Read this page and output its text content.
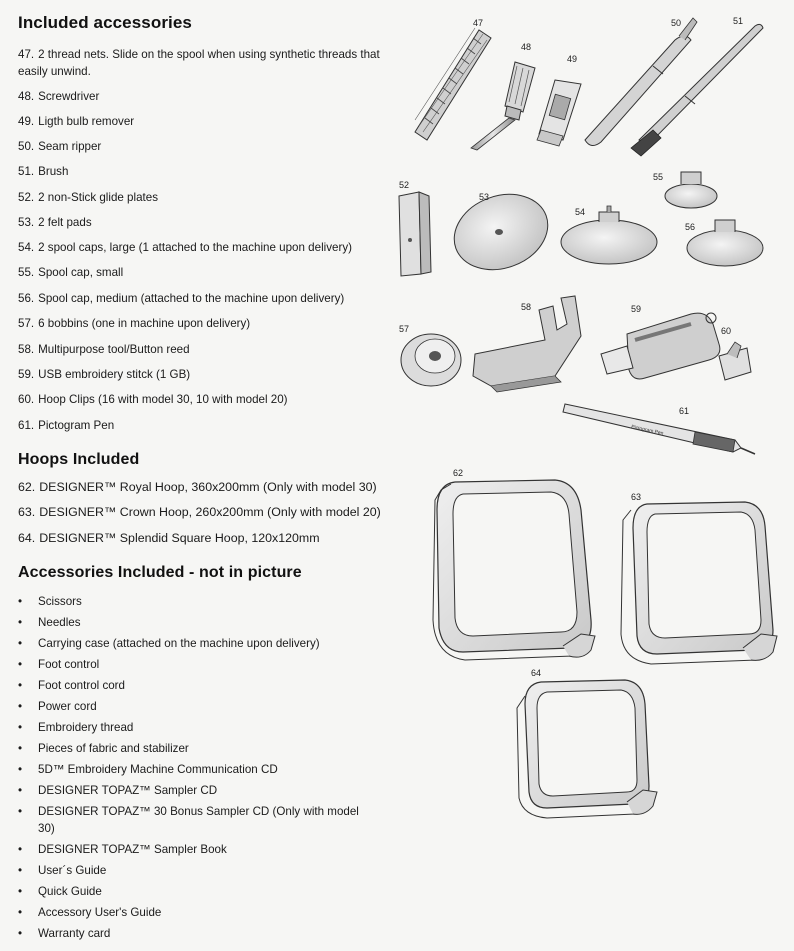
Included accessories
47. 2 thread nets. Slide on the spool when using synthetic threads that easily unwind.
48. Screwdriver
49. Ligth bulb remover
50. Seam ripper
51. Brush
52. 2 non-Stick glide plates
53. 2 felt pads
54. 2 spool caps, large (1 attached to the machine upon delivery)
55. Spool cap, small
56. Spool cap, medium (attached to the machine upon delivery)
57. 6 bobbins (one in machine upon delivery)
58. Multipurpose tool/Button reed
59. USB embroidery stitck (1 GB)
60. Hoop Clips (16 with model 30, 10 with model 20)
61. Pictogram Pen
Hoops Included
62. DESIGNER™ Royal Hoop, 360x200mm (Only with model 30)
63. DESIGNER™ Crown Hoop, 260x200mm (Only with model 20)
64. DESIGNER™ Splendid Square Hoop, 120x120mm
Accessories Included - not in picture
• Scissors
• Needles
• Carrying case (attached on the machine upon delivery)
• Foot control
• Foot control cord
• Power cord
• Embroidery thread
• Pieces of fabric and stabilizer
• 5D™ Embroidery Machine Communication CD
• DESIGNER TOPAZ™ Sampler CD
• DESIGNER TOPAZ™ 30 Bonus Sampler CD (Only with model 30)
• DESIGNER TOPAZ™ Sampler Book
• User´s Guide
• Quick Guide
• Accessory User's Guide
• Warranty card
47
48
49
50	51
52
53
54
55
56
57
58	59
60
Pictogram Pen
61
62
63
64
